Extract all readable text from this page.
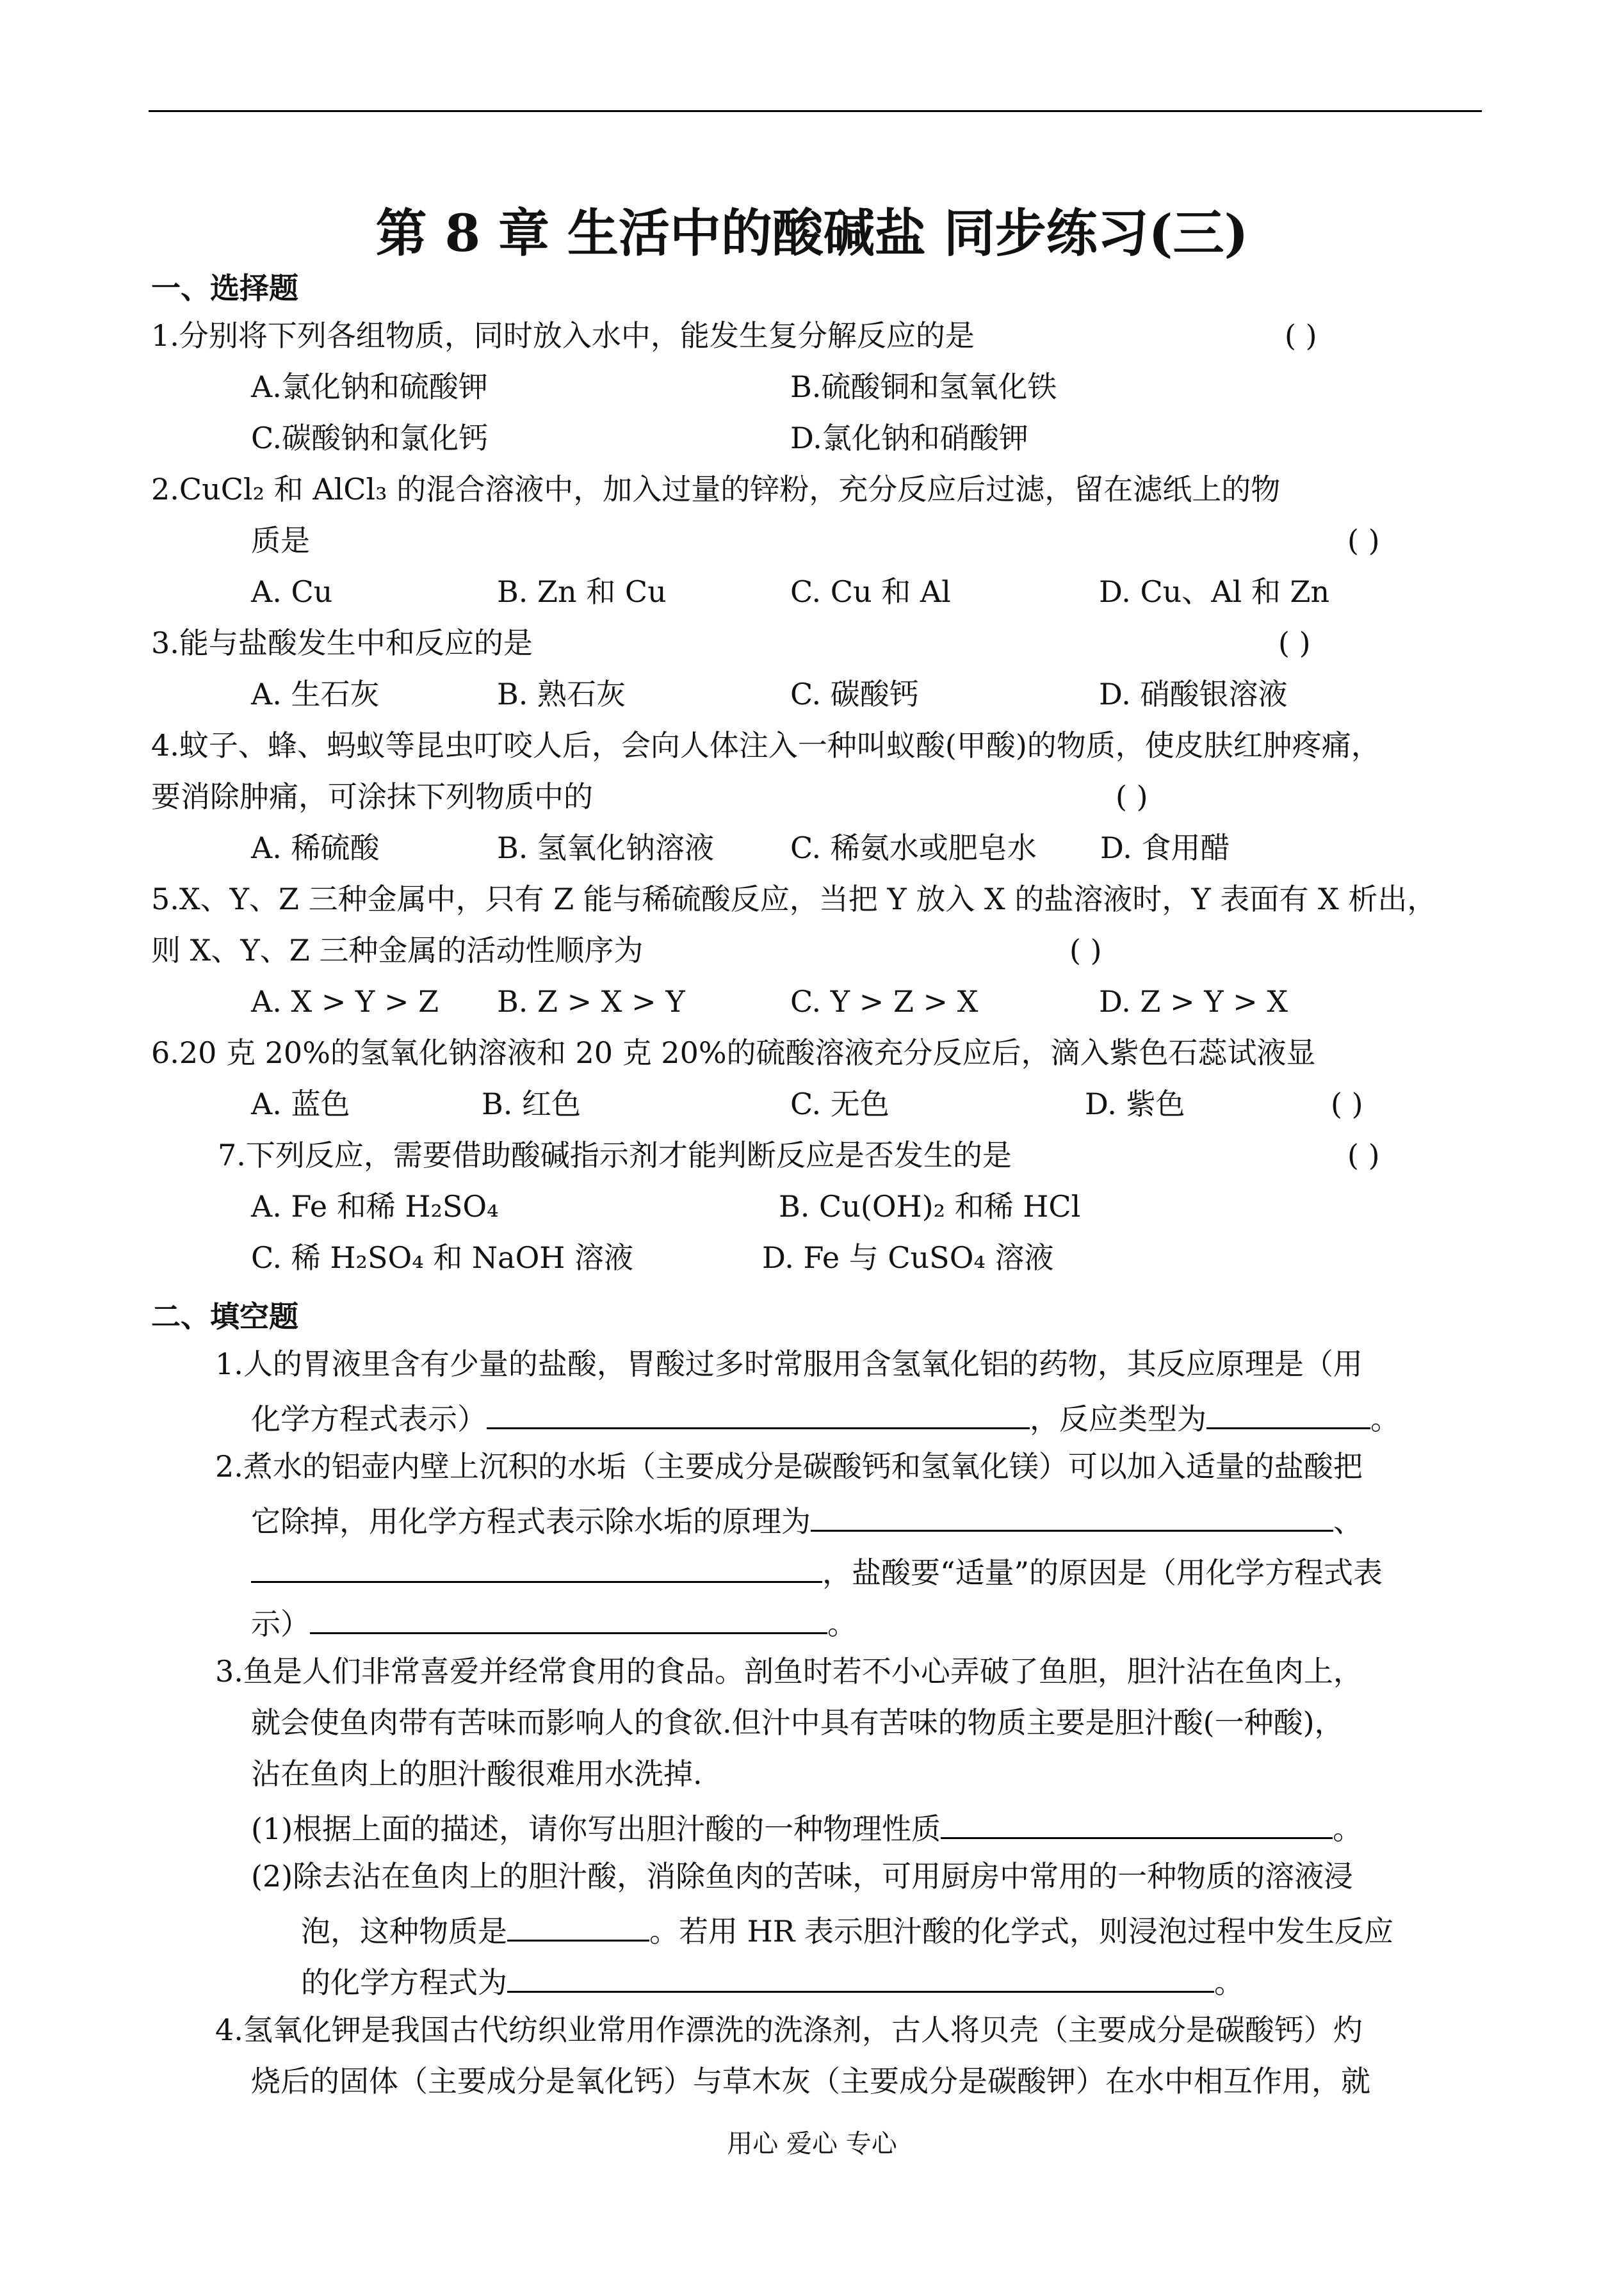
第 8 章 生活中的酸碱盐 同步练习(三)
一、选择题
1.分别将下列各组物质，同时放入水中，能发生复分解反应的是	( )
A.氯化钠和硫酸钾	B.硫酸铜和氢氧化铁
C.碳酸钠和氯化钙	D.氯化钠和硝酸钾
2.CuCl₂ 和 AlCl₃ 的混合溶液中，加入过量的锌粉，充分反应后过滤，留在滤纸上的物
质是	( )
A. Cu	B. Zn 和 Cu	C. Cu 和 Al	D. Cu、Al 和 Zn
3.能与盐酸发生中和反应的是	( )
A. 生石灰	B. 熟石灰	C. 碳酸钙	D. 硝酸银溶液
4.蚊子、蜂、蚂蚁等昆虫叮咬人后，会向人体注入一种叫蚁酸(甲酸)的物质，使皮肤红肿疼痛，
要消除肿痛，可涂抹下列物质中的	( )
A. 稀硫酸	B. 氢氧化钠溶液	C. 稀氨水或肥皂水 D. 食用醋
5.X、Y、Z 三种金属中，只有 Z 能与稀硫酸反应，当把 Y 放入 X 的盐溶液时，Y 表面有 X 析出，
则 X、Y、Z 三种金属的活动性顺序为	( )
A. X > Y > Z B. Z > X > Y	C. Y > Z > X	D. Z > Y > X
6.20 克 20%的氢氧化钠溶液和 20 克 20%的硫酸溶液充分反应后，滴入紫色石蕊试液显
A. 蓝色	B. 红色	C. 无色	D. 紫色	( )
7.下列反应，需要借助酸碱指示剂才能判断反应是否发生的是	( )
A. Fe 和稀 H₂SO₄	B. Cu(OH)₂ 和稀 HCl
C. 稀 H₂SO₄ 和 NaOH 溶液	D. Fe 与 CuSO₄ 溶液
二、填空题
1.人的胃液里含有少量的盐酸，胃酸过多时常服用含氢氧化铝的药物，其反应原理是（用
化学方程式表示）	，反应类型为	。
2.煮水的铝壶内壁上沉积的水垢（主要成分是碳酸钙和氢氧化镁）可以加入适量的盐酸把
它除掉，用化学方程式表示除水垢的原理为	、
，盐酸要“适量”的原因是（用化学方程式表
示）	。
3.鱼是人们非常喜爱并经常食用的食品。剖鱼时若不小心弄破了鱼胆，胆汁沾在鱼肉上，
就会使鱼肉带有苦味而影响人的食欲.但汁中具有苦味的物质主要是胆汁酸(一种酸)，
沾在鱼肉上的胆汁酸很难用水洗掉.
(1)根据上面的描述，请你写出胆汁酸的一种物理性质	。
(2)除去沾在鱼肉上的胆汁酸，消除鱼肉的苦味，可用厨房中常用的一种物质的溶液浸
泡，这种物质是	。若用 HR 表示胆汁酸的化学式，则浸泡过程中发生反应
的化学方程式为	。
4.氢氧化钾是我国古代纺织业常用作漂洗的洗涤剂，古人将贝壳（主要成分是碳酸钙）灼
烧后的固体（主要成分是氧化钙）与草木灰（主要成分是碳酸钾）在水中相互作用，就
用心 爱心 专心
